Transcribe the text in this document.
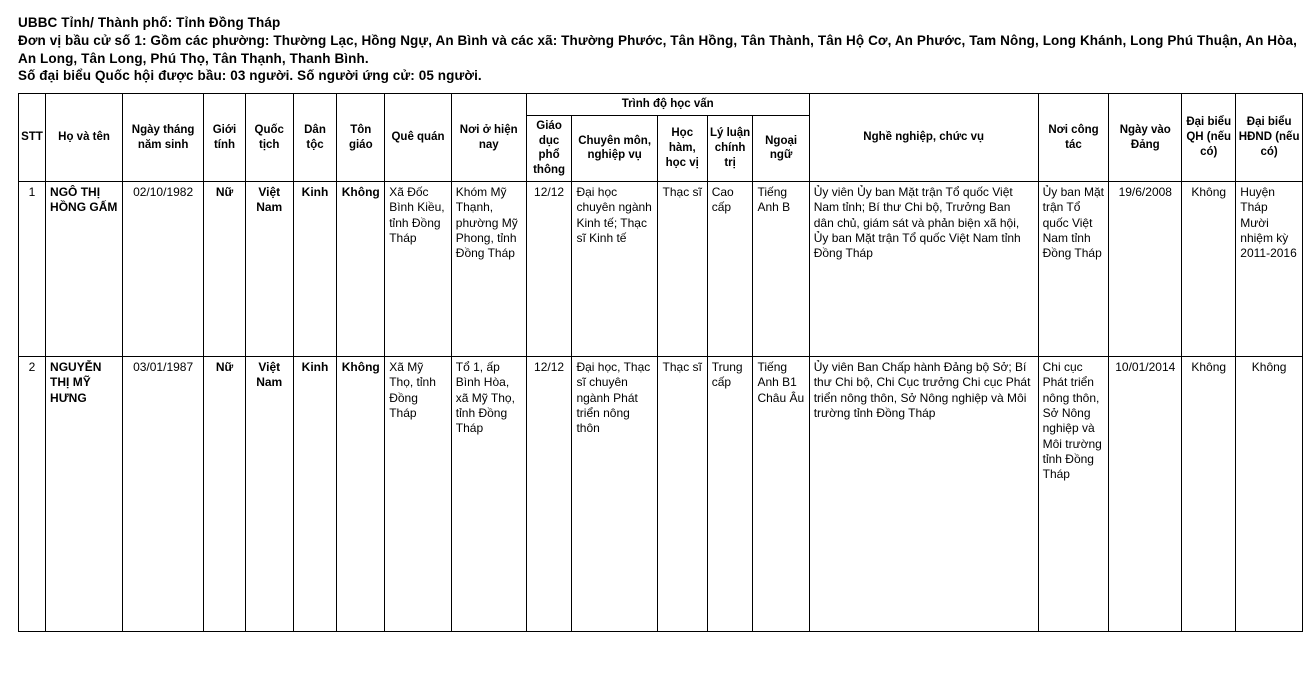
UBBC Tỉnh/ Thành phố: Tỉnh Đồng Tháp
Đơn vị bầu cử số 1: Gồm các phường: Thường Lạc, Hồng Ngự, An Bình và các xã: Thường Phước, Tân Hồng, Tân Thành, Tân Hộ Cơ, An Phước, Tam Nông, Long Khánh, Long Phú Thuận, An Hòa, An Long, Tân Long, Phú Thọ, Tân Thạnh, Thanh Bình.
Số đại biểu Quốc hội được bầu: 03 người. Số người ứng cử: 05 người.
STT	Họ và tên	Ngày tháng năm sinh	Giới tính	Quốc tịch	Dân tộc	Tôn giáo	Quê quán	Nơi ở hiện nay	Trình độ học vấn					Nghề nghiệp, chức vụ	Nơi công tác	Ngày vào Đảng	Đại biểu QH (nếu có)	Đại biểu HĐND (nếu có)
									Giáo dục phổ thông	Chuyên môn, nghiệp vụ	Học hàm, học vị	Lý luận chính trị	Ngoại ngữ					
1	NGÔ THỊ HỒNG GẤM	02/10/1982	Nữ	Việt Nam	Kinh	Không	Xã Đốc Bình Kiều, tỉnh Đồng Tháp	Khóm Mỹ Thạnh, phường Mỹ Phong, tỉnh Đồng Tháp	12/12	Đại học chuyên ngành Kinh tế; Thạc sĩ Kinh tế	Thạc sĩ	Cao cấp	Tiếng Anh B	Ủy viên Ủy ban Mặt trận Tổ quốc Việt Nam tỉnh; Bí thư Chi bộ, Trưởng Ban dân chủ, giám sát và phản biện xã hội, Ủy ban Mặt trận Tổ quốc Việt Nam tỉnh Đồng Tháp	Ủy ban Mặt trận Tổ quốc Việt Nam tỉnh Đồng Tháp	19/6/2008	Không	Huyện Tháp Mười nhiệm kỳ 2011-2016
2	NGUYỄN THỊ MỸ HƯNG	03/01/1987	Nữ	Việt Nam	Kinh	Không	Xã Mỹ Thọ, tỉnh Đồng Tháp	Tổ 1, ấp Bình Hòa, xã Mỹ Thọ, tỉnh Đồng Tháp	12/12	Đại học, Thạc sĩ chuyên ngành Phát triển nông thôn	Thạc sĩ	Trung cấp	Tiếng Anh B1 Châu Âu	Ủy viên Ban Chấp hành Đảng bộ Sở; Bí thư Chi bộ, Chi Cục trưởng Chi cục Phát triển nông thôn, Sở Nông nghiệp và Môi trường tỉnh Đồng Tháp	Chi cục Phát triển nông thôn, Sở Nông nghiệp và Môi trường tỉnh Đồng Tháp	10/01/2014	Không	Không
